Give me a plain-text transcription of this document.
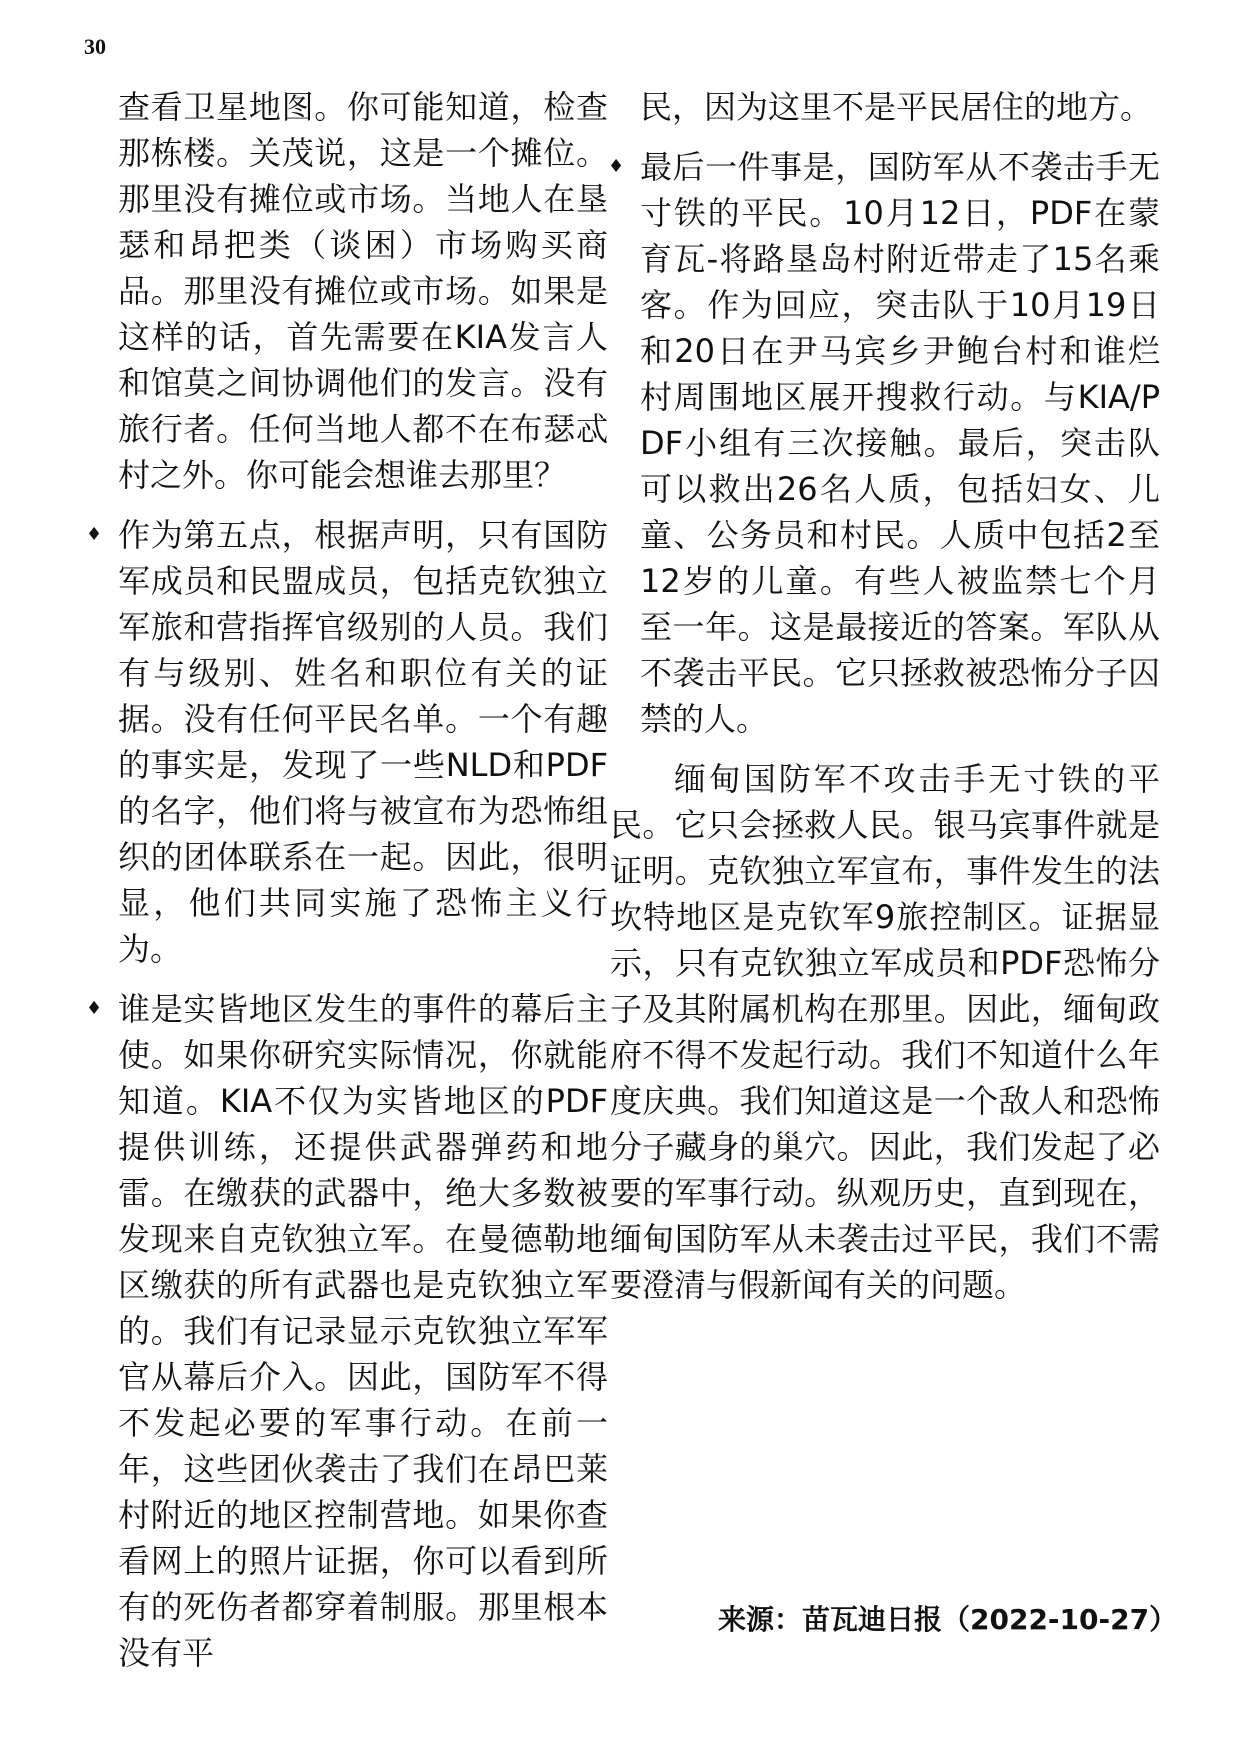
30

查看卫星地图。你可能知道，检查那栋楼。关茂说，这是一个摊位。那里没有摊位或市场。当地人在垦瑟和昂把类（谈困）市场购买商品。那里没有摊位或市场。如果是这样的话，首先需要在KIA发言人和馆莫之间协调他们的发言。没有旅行者。任何当地人都不在布瑟忒村之外。你可能会想谁去那里？

♦ 作为第五点，根据声明，只有国防军成员和民盟成员，包括克钦独立军旅和营指挥官级别的人员。我们有与级别、姓名和职位有关的证据。没有任何平民名单。一个有趣的事实是，发现了一些NLD和PDF的名字，他们将与被宣布为恐怖组织的团体联系在一起。因此，很明显，他们共同实施了恐怖主义行为。
♦ 谁是实皆地区发生的事件的幕后主使。如果你研究实际情况，你就能知道。KIA不仅为实皆地区的PDF提供训练，还提供武器弹药和地雷。在缴获的武器中，绝大多数被发现来自克钦独立军。在曼德勒地区缴获的所有武器也是克钦独立军的。我们有记录显示克钦独立军军官从幕后介入。因此，国防军不得不发起必要的军事行动。在前一年，这些团伙袭击了我们在昂巴莱村附近的地区控制营地。如果你查看网上的照片证据，你可以看到所有的死伤者都穿着制服。那里根本没有平

民，因为这里不是平民居住的地方。

♦ 最后一件事是，国防军从不袭击手无寸铁的平民。10月12日，PDF在蒙育瓦-将路垦岛村附近带走了15名乘客。作为回应，突击队于10月19日和20日在尹马宾乡尹鲍台村和谁烂村周围地区展开搜救行动。与KIA/PDF小组有三次接触。最后，突击队可以救出26名人质，包括妇女、儿童、公务员和村民。人质中包括2至12岁的儿童。有些人被监禁七个月至一年。这是最接近的答案。军队从不袭击平民。它只拯救被恐怖分子囚禁的人。

缅甸国防军不攻击手无寸铁的平民。它只会拯救人民。银马宾事件就是证明。克钦独立军宣布，事件发生的法坎特地区是克钦军9旅控制区。证据显示，只有克钦独立军成员和PDF恐怖分子及其附属机构在那里。因此，缅甸政府不得不发起行动。我们不知道什么年度庆典。我们知道这是一个敌人和恐怖分子藏身的巢穴。因此，我们发起了必要的军事行动。纵观历史，直到现在，缅甸国防军从未袭击过平民，我们不需要澄清与假新闻有关的问题。

来源：苗瓦迪日报（2022-10-27）
